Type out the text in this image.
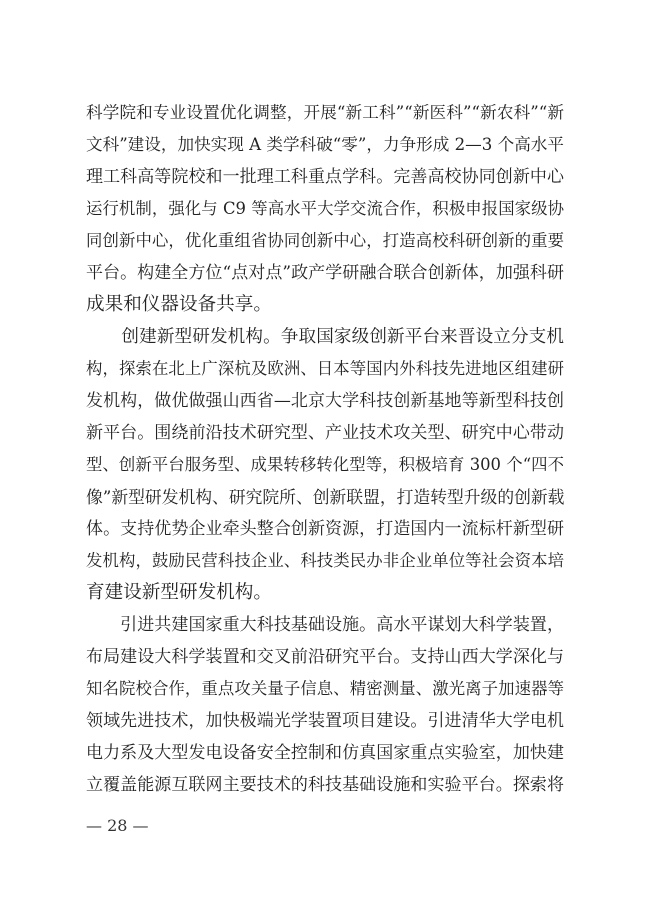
科学院和专业设置优化调整，开展“新工科”“新医科”“新农科”“新
文科”建设，加快实现 A 类学科破“零”，力争形成 2—3 个高水平
理工科高等院校和一批理工科重点学科。完善高校协同创新中心
运行机制，强化与 C9 等高水平大学交流合作，积极申报国家级协
同创新中心，优化重组省协同创新中心，打造高校科研创新的重要
平台。构建全方位“点对点”政产学研融合联合创新体，加强科研
成果和仪器设备共享。
　　创建新型研发机构。争取国家级创新平台来晋设立分支机
构，探索在北上广深杭及欧洲、日本等国内外科技先进地区组建研
发机构，做优做强山西省—北京大学科技创新基地等新型科技创
新平台。围绕前沿技术研究型、产业技术攻关型、研究中心带动
型、创新平台服务型、成果转移转化型等，积极培育 300 个“四不
像”新型研发机构、研究院所、创新联盟，打造转型升级的创新载
体。支持优势企业牵头整合创新资源，打造国内一流标杆新型研
发机构，鼓励民营科技企业、科技类民办非企业单位等社会资本培
育建设新型研发机构。
　　引进共建国家重大科技基础设施。高水平谋划大科学装置，
布局建设大科学装置和交叉前沿研究平台。支持山西大学深化与
知名院校合作，重点攻关量子信息、精密测量、激光离子加速器等
领域先进技术，加快极端光学装置项目建设。引进清华大学电机
电力系及大型发电设备安全控制和仿真国家重点实验室，加快建
立覆盖能源互联网主要技术的科技基础设施和实验平台。探索将
— 28 —
